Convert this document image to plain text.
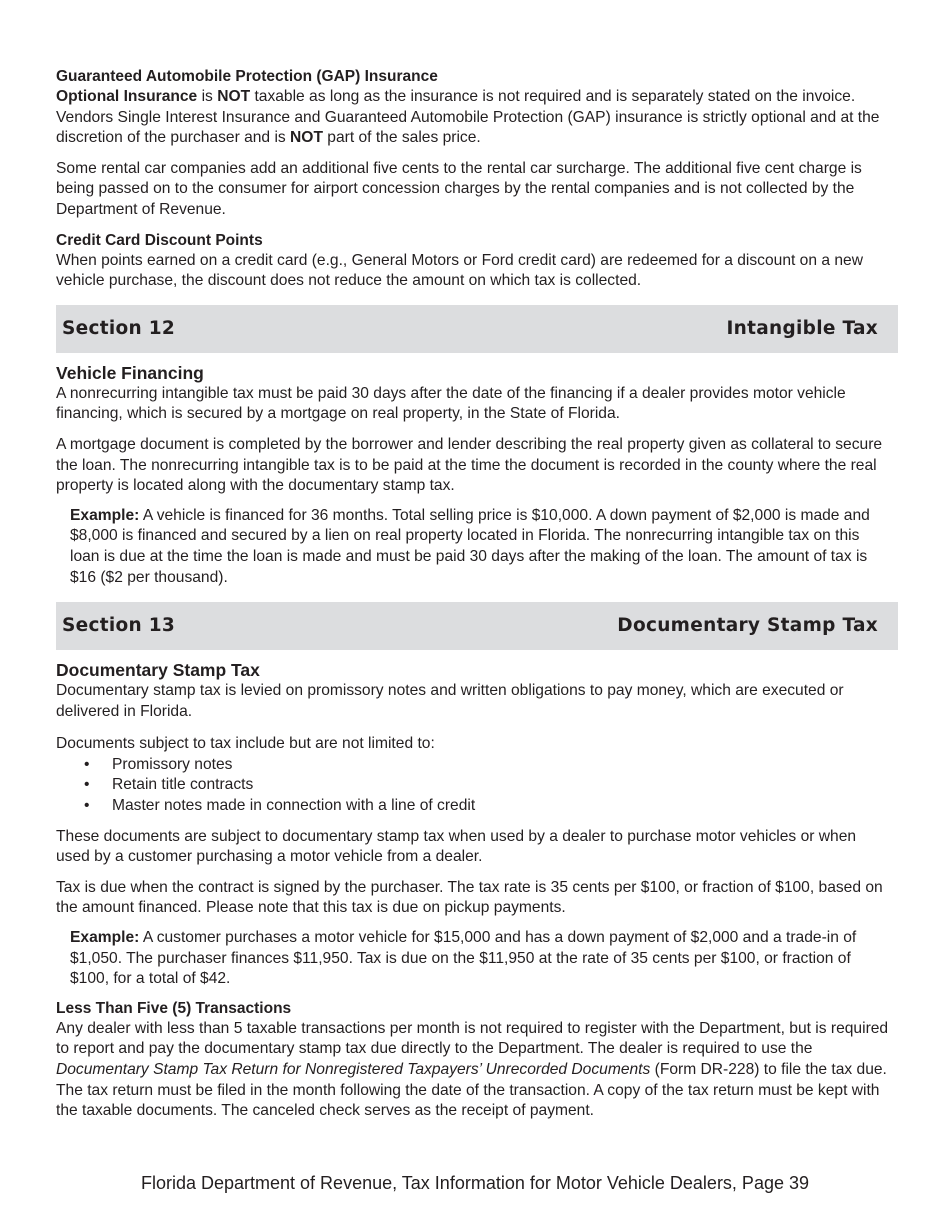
Guaranteed Automobile Protection (GAP) Insurance

Optional Insurance is NOT taxable as long as the insurance is not required and is separately stated on the invoice. Vendors Single Interest Insurance and Guaranteed Automobile Protection (GAP) insurance is strictly optional and at the discretion of the purchaser and is NOT part of the sales price.

Some rental car companies add an additional five cents to the rental car surcharge. The additional five cent charge is being passed on to the consumer for airport concession charges by the rental companies and is not collected by the Department of Revenue.

Credit Card Discount Points

When points earned on a credit card (e.g., General Motors or Ford credit card) are redeemed for a discount on a new vehicle purchase, the discount does not reduce the amount on which tax is collected.

Section 12	Intangible Tax
Vehicle Financing

A nonrecurring intangible tax must be paid 30 days after the date of the financing if a dealer provides motor vehicle financing, which is secured by a mortgage on real property, in the State of Florida.

A mortgage document is completed by the borrower and lender describing the real property given as collateral to secure the loan. The nonrecurring intangible tax is to be paid at the time the document is recorded in the county where the real property is located along with the documentary stamp tax.

Example: A vehicle is financed for 36 months. Total selling price is $10,000. A down payment of $2,000 is made and $8,000 is financed and secured by a lien on real property located in Florida. The nonrecurring intangible tax on this loan is due at the time the loan is made and must be paid 30 days after the making of the loan. The amount of tax is $16 ($2 per thousand).
Section 13	Documentary Stamp Tax
Documentary Stamp Tax

Documentary stamp tax is levied on promissory notes and written obligations to pay money, which are executed or delivered in Florida.

Documents subject to tax include but are not limited to:

• Promissory notes
• Retain title contracts
• Master notes made in connection with a line of credit

These documents are subject to documentary stamp tax when used by a dealer to purchase motor vehicles or when used by a customer purchasing a motor vehicle from a dealer.

Tax is due when the contract is signed by the purchaser. The tax rate is 35 cents per $100, or fraction of $100, based on the amount financed. Please note that this tax is due on pickup payments.

Example: A customer purchases a motor vehicle for $15,000 and has a down payment of $2,000 and a trade-in of $1,050. The purchaser finances $11,950. Tax is due on the $11,950 at the rate of 35 cents per $100, or fraction of $100, for a total of $42.
Less Than Five (5) Transactions

Any dealer with less than 5 taxable transactions per month is not required to register with the Department, but is required to report and pay the documentary stamp tax due directly to the Department. The dealer is required to use the Documentary Stamp Tax Return for Nonregistered Taxpayers’ Unrecorded Documents (Form DR-228) to file the tax due. The tax return must be filed in the month following the date of the transaction. A copy of the tax return must be kept with the taxable documents. The canceled check serves as the receipt of payment.

Florida Department of Revenue, Tax Information for Motor Vehicle Dealers, Page 39
